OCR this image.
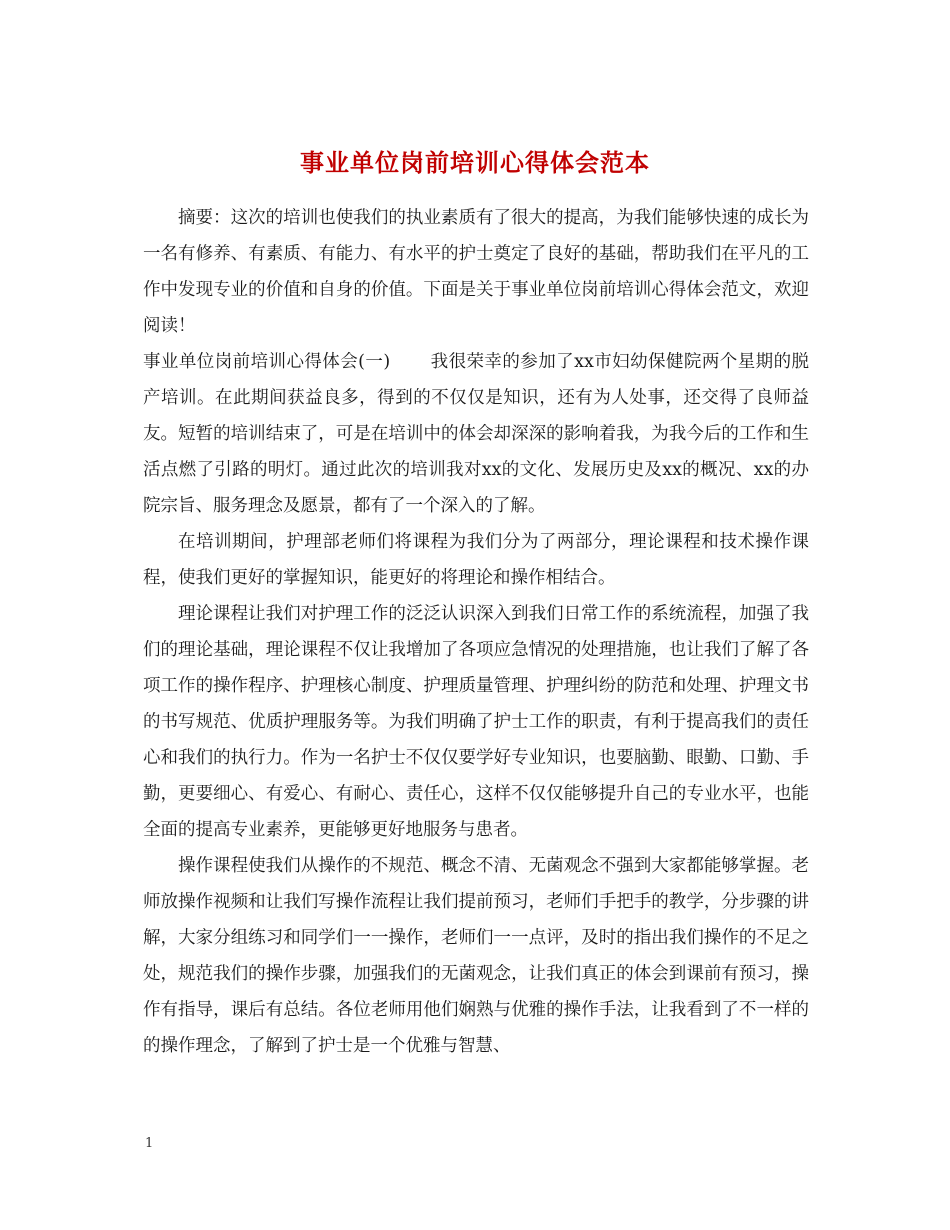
事业单位岗前培训心得体会范本

摘要：这次的培训也使我们的执业素质有了很大的提高，为我们能够快速的成长为一名有修养、有素质、有能力、有水平的护士奠定了良好的基础，帮助我们在平凡的工作中发现专业的价值和自身的价值。下面是关于事业单位岗前培训心得体会范文，欢迎阅读！

事业单位岗前培训心得体会(一) 我很荣幸的参加了xx市妇幼保健院两个星期的脱产培训。在此期间获益良多，得到的不仅仅是知识，还有为人处事，还交得了良师益友。短暂的培训结束了，可是在培训中的体会却深深的影响着我，为我今后的工作和生活点燃了引路的明灯。通过此次的培训我对xx的文化、发展历史及xx的概况、xx的办院宗旨、服务理念及愿景，都有了一个深入的了解。

在培训期间，护理部老师们将课程为我们分为了两部分，理论课程和技术操作课程，使我们更好的掌握知识，能更好的将理论和操作相结合。

理论课程让我们对护理工作的泛泛认识深入到我们日常工作的系统流程，加强了我们的理论基础，理论课程不仅让我增加了各项应急情况的处理措施，也让我们了解了各项工作的操作程序、护理核心制度、护理质量管理、护理纠纷的防范和处理、护理文书的书写规范、优质护理服务等。为我们明确了护士工作的职责，有利于提高我们的责任心和我们的执行力。作为一名护士不仅仅要学好专业知识，也要脑勤、眼勤、口勤、手勤，更要细心、有爱心、有耐心、责任心，这样不仅仅能够提升自己的专业水平，也能全面的提高专业素养，更能够更好地服务与患者。

操作课程使我们从操作的不规范、概念不清、无菌观念不强到大家都能够掌握。老师放操作视频和让我们写操作流程让我们提前预习，老师们手把手的教学，分步骤的讲解，大家分组练习和同学们一一操作，老师们一一点评，及时的指出我们操作的不足之处，规范我们的操作步骤，加强我们的无菌观念，让我们真正的体会到课前有预习，操作有指导，课后有总结。各位老师用他们娴熟与优雅的操作手法，让我看到了不一样的的操作理念，了解到了护士是一个优雅与智慧、

1
